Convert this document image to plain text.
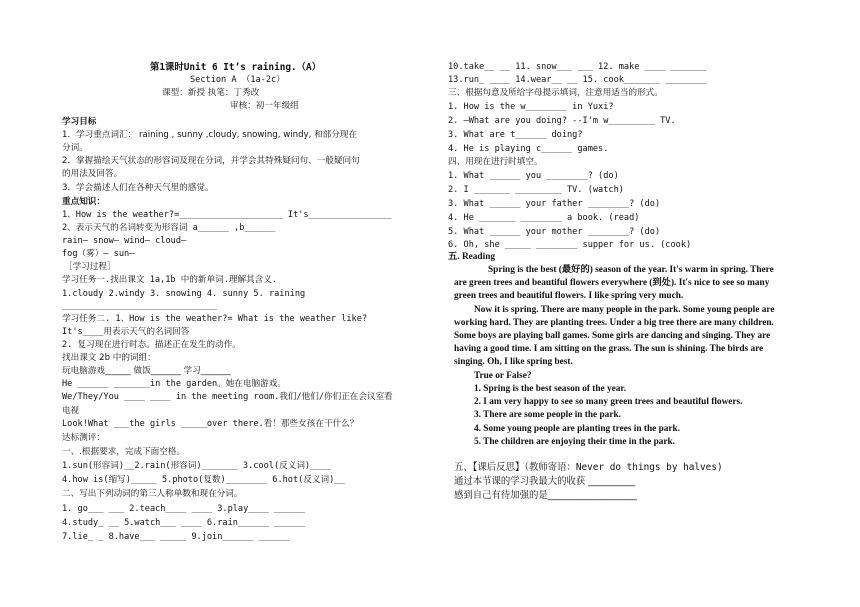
第1课时Unit 6 It’s raining.（A）
Section A （1a-2c）
课型：新授 执笔：丁秀改
审核：初一年级组
学习目标
1．学习重点词汇： raining , sunny ,cloudy, snowing, windy, 和部分现在
分词。
2．掌握描绘天气状态的形容词及现在分词，并学会其特殊疑问句、一般疑问句
的用法及回答。
3．学会描述人们在各种天气里的感觉。
重点知识：
1、How is the weather?=____________________ It's________________
2、表示天气的名词转变为形容词 a______ ,b______
rain— snow— wind— cloud—
fog（雾）— sun—
［学习过程］
学习任务一.找出课文 1a,1b 中的新单词.理解其含义.
1.cloudy 2.windy 3. snowing 4. sunny 5. raining
______________________________
学习任务二. 1、How is the weather?= What is the weather like?
It's____用表示天气的名词回答
2. 复习现在进行时态。描述正在发生的动作。
找出课文 2b 中的词组：
玩电脑游戏______ 做饭_______ 学习_______
He ______ _______in the garden。她在电脑游戏。
We/They/You ____ ____ in the meeting room.我们/他们/你们正在会议室看
电视
Look!What ___the girls _____over there.看！那些女孩在干什么？
达标测评：
一、.根据要求，完成下面空格。
1.sun(形容词)__2.rain(形容词)_______ 3.cool(反义词)____
4.how is(缩写)_____ 5.photo(复数)________ 6.hot(反义词)__
二、写出下列动词的第三人称单数和现在分词。
1. go___ ___ 2.teach____ ____ 3.play____ ______
4.study_ __ 5.watch___ ____ 6.rain______ ______
7.lie_ _ 8.have___ _____ 9.join______ ______
10.take__ __ 11. snow___ ___ 12. make ____ _______
13.run_ ____ 14.wear__ __ 15. cook_______ ________
三、根据句意及所给字母提示填词，注意用适当的形式。
1. How is the w________ in Yuxi?
2. –What are you doing? --I'm w_________ TV.
3. What are t______ doing?
4. He is playing c______ games.
四、用现在进行时填空。
1. What ______ you ________? (do)
2. I _______ _________ TV. (watch)
3. What ______ your father ________? (do)
4. He _______ ________ a book. (read)
5. What ______ your mother ________? (do)
6. Oh, she _____ ________ supper for us. (cook)
五. Reading
Spring is the best (最好的) season of the year. It's warm in spring. There
are green trees and beautiful flowers everywhere (到处). It's nice to see so many
green trees and beautiful flowers. I like spring very much.
Now it is spring. There are many people in the park. Some young people are
working hard. They are planting trees. Under a big tree there are many children.
Some boys are playing ball games. Some girls are dancing and singing. They are
having a good time. I am sitting on the grass. The sun is shining. The birds are
singing. Oh, I like spring best.
True or False?
1. Spring is the best season of the year.
2. I am very happy to see so many green trees and beautiful flowers.
3. There are some people in the park.
4. Some young people are planting trees in the park.
5. The children are enjoying their time in the park.
五、【课后反思】（教师寄语：Never do things by halves)
通过本节课的学习我最大的收获 __________
感到自己有待加强的是___________________
